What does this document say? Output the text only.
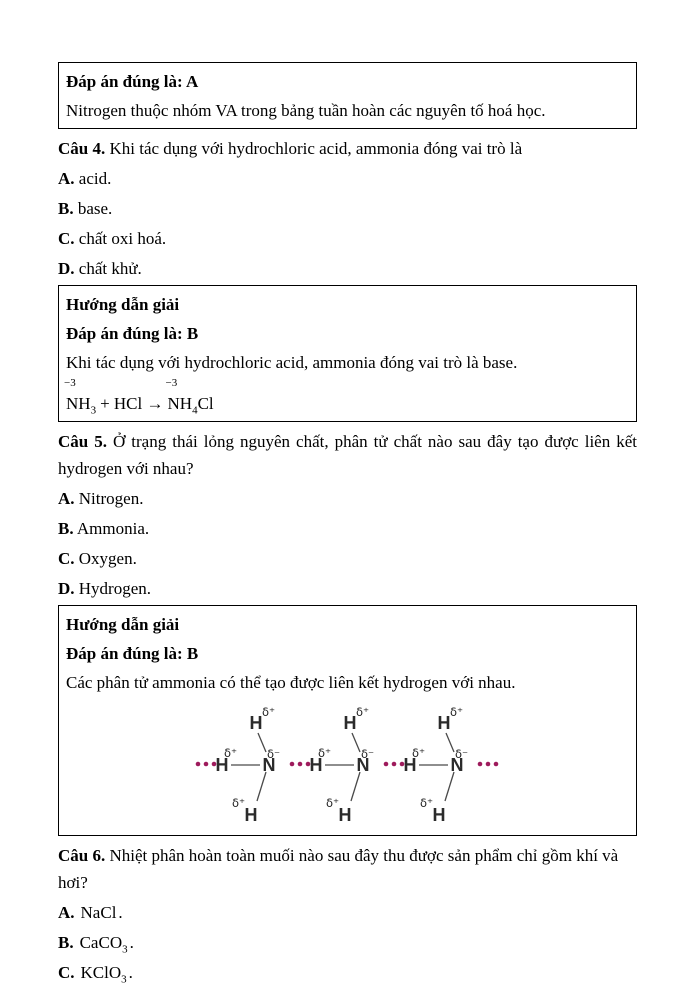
Đáp án đúng là: A

Nitrogen thuộc nhóm VA trong bảng tuần hoàn các nguyên tố hoá học.

Câu 4. Khi tác dụng với hydrochloric acid, ammonia đóng vai trò là

A. acid.

B. base.

C. chất oxi hoá.

D. chất khử.

Hướng dẫn giải

Đáp án đúng là: B

Khi tác dụng với hydrochloric acid, ammonia đóng vai trò là base.

−3
$NH_3$ + HCl →
−3
$NH_4Cl$

Câu 5. Ở trạng thái lỏng nguyên chất, phân tử chất nào sau đây tạo được liên kết hydrogen với nhau?

A. Nitrogen.

B. Ammonia.

C. Oxygen.

D. Hydrogen.

Hướng dẫn giải

Đáp án đúng là: B

Các phân tử ammonia có thể tạo được liên kết hydrogen với nhau.

H N
H
δ⁺
δ⁺	δ⁻
H
δ⁺
H N
H
δ⁺
δ⁺	δ⁻
H
δ⁺
H N
H
δ⁺
δ⁺	δ⁻
H
δ⁺

Câu 6. Nhiệt phân hoàn toàn muối nào sau đây thu được sản phẩm chỉ gồm khí và hơi?

A. NaCl .

B. CaCO$_3$ .

C. KClO$_3$ .
